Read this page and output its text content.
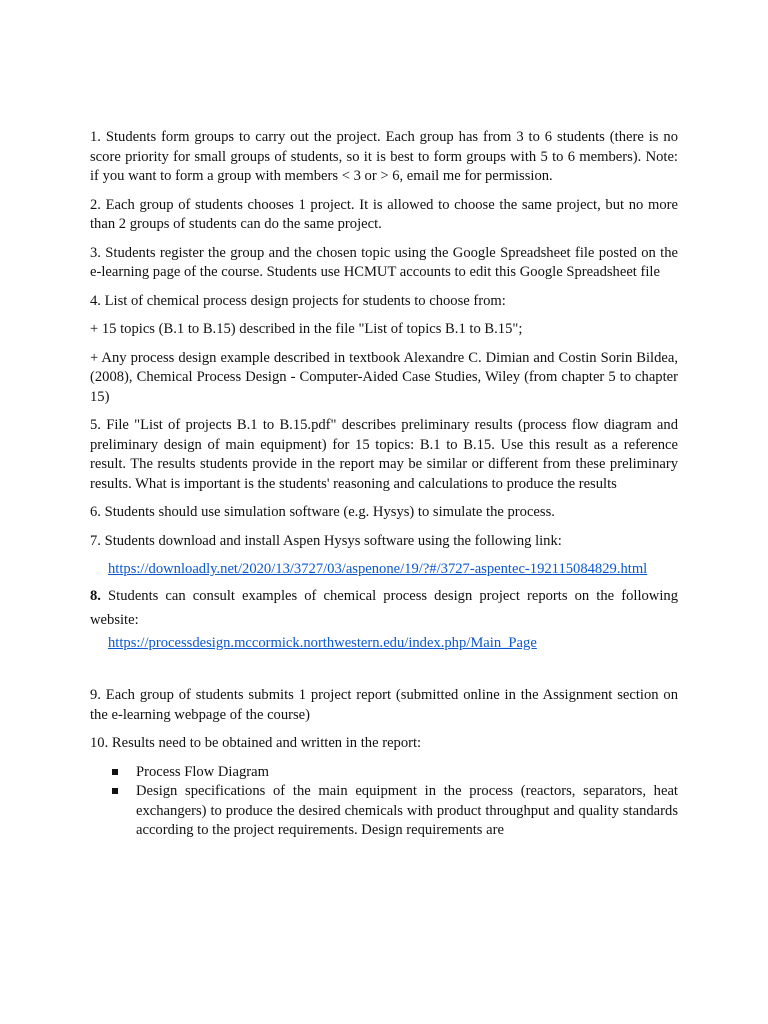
1. Students form groups to carry out the project. Each group has from 3 to 6 students (there is no score priority for small groups of students, so it is best to form groups with 5 to 6 members). Note: if you want to form a group with members < 3 or > 6, email me for permission.

2. Each group of students chooses 1 project. It is allowed to choose the same project, but no more than 2 groups of students can do the same project.

3. Students register the group and the chosen topic using the Google Spreadsheet file posted on the e-learning page of the course. Students use HCMUT accounts to edit this Google Spreadsheet file

4. List of chemical process design projects for students to choose from:

+ 15 topics (B.1 to B.15) described in the file "List of topics B.1 to B.15";

+ Any process design example described in textbook Alexandre C. Dimian and Costin Sorin Bildea, (2008), Chemical Process Design - Computer-Aided Case Studies, Wiley (from chapter 5 to chapter 15)

5. File "List of projects B.1 to B.15.pdf" describes preliminary results (process flow diagram and preliminary design of main equipment) for 15 topics: B.1 to B.15. Use this result as a reference result. The results students provide in the report may be similar or different from these preliminary results. What is important is the students' reasoning and calculations to produce the results

6. Students should use simulation software (e.g. Hysys) to simulate the process.

7. Students download and install Aspen Hysys software using the following link:

https://downloadly.net/2020/13/3727/03/aspenone/19/?#/3727-aspentec-192115084829.html

8. Students can consult examples of chemical process design project reports on the following website:

https://processdesign.mccormick.northwestern.edu/index.php/Main_Page

9. Each group of students submits 1 project report (submitted online in the Assignment section on the e-learning webpage of the course)

10. Results need to be obtained and written in the report:

Process Flow Diagram
Design specifications of the main equipment in the process (reactors, separators, heat exchangers) to produce the desired chemicals with product throughput and quality standards according to the project requirements. Design requirements are
